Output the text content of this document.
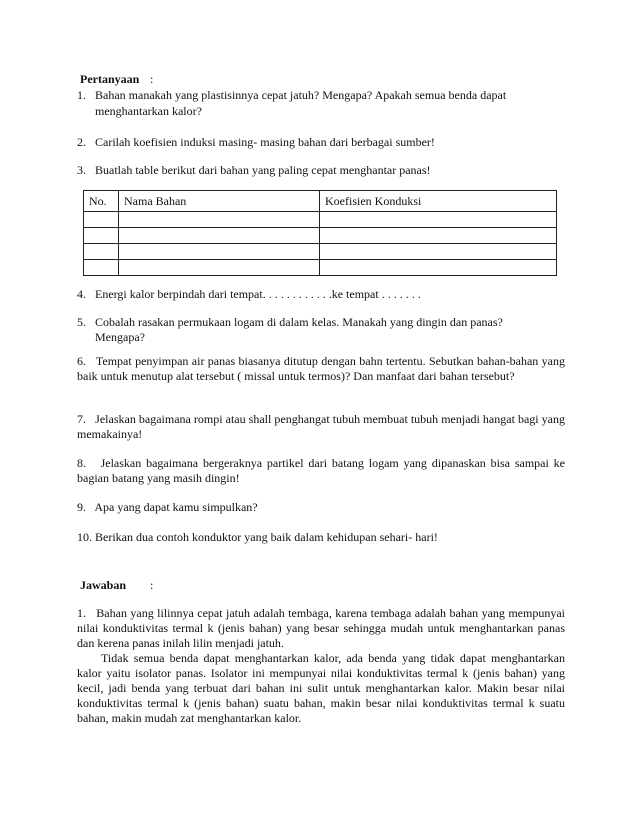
Pertanyaan :
1. Bahan manakah yang plastisinnya cepat jatuh? Mengapa? Apakah semua benda dapat
menghantarkan kalor?
2. Carilah koefisien induksi masing- masing bahan dari berbagai sumber!
3. Buatlah table berikut dari bahan yang paling cepat menghantar panas!
No.	Nama Bahan	Koefisien Konduksi

4. Energi kalor berpindah dari tempat. . . . . . . . . . . .ke tempat . . . . . . .
5. Cobalah rasakan permukaan logam di dalam kelas. Manakah yang dingin dan panas?
Mengapa?
6. Tempat penyimpan air panas biasanya ditutup dengan bahn tertentu. Sebutkan bahan-bahan yang baik untuk menutup alat tersebut ( missal untuk termos)? Dan manfaat dari bahan tersebut?
7. Jelaskan bagaimana rompi atau shall penghangat tubuh membuat tubuh menjadi hangat bagi yang memakainya!
8. Jelaskan bagaimana bergeraknya partikel dari batang logam yang dipanaskan bisa sampai ke bagian batang yang masih dingin!
9. Apa yang dapat kamu simpulkan?
10. Berikan dua contoh konduktor yang baik dalam kehidupan sehari- hari!
Jawaban :
1.   Bahan yang lilinnya cepat jatuh adalah tembaga, karena tembaga adalah bahan yang mempunyai nilai konduktivitas termal k (jenis bahan) yang besar sehingga mudah untuk menghantarkan panas dan kerena panas inilah lilin menjadi jatuh.
Tidak semua benda dapat menghantarkan kalor, ada benda yang tidak dapat menghantarkan kalor yaitu isolator panas. Isolator ini mempunyai nilai konduktivitas termal k (jenis bahan) yang kecil, jadi benda yang terbuat dari bahan ini sulit untuk menghantarkan kalor. Makin besar nilai konduktivitas termal k (jenis bahan) suatu bahan, makin besar nilai konduktivitas termal k suatu bahan, makin mudah zat menghantarkan kalor.
